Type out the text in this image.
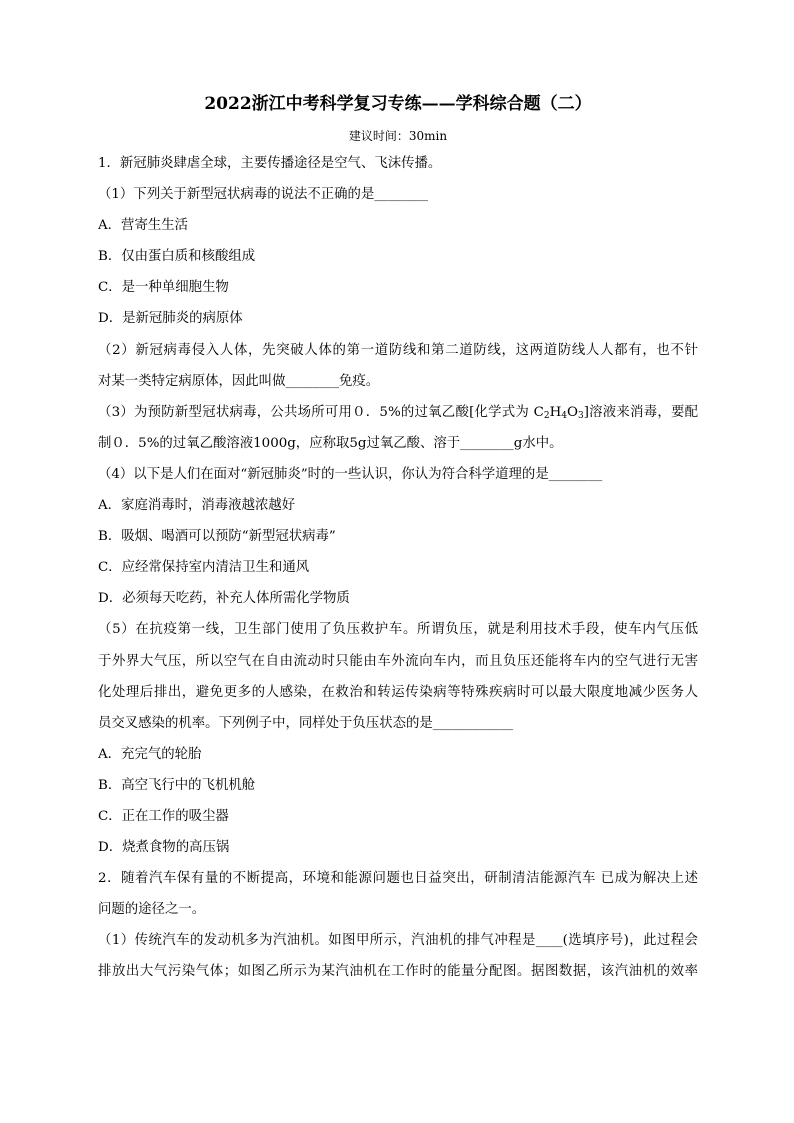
2022浙江中考科学复习专练——学科综合题（二）
建议时间：30min
1．新冠肺炎肆虐全球，主要传播途径是空气、飞沫传播。
（1）下列关于新型冠状病毒的说法不正确的是________
A．营寄生生活
B．仅由蛋白质和核酸组成
C．是一种单细胞生物
D．是新冠肺炎的病原体
（2）新冠病毒侵入人体，先突破人体的第一道防线和第二道防线，这两道防线人人都有，也不针
对某一类特定病原体，因此叫做________免疫。
（3）为预防新型冠状病毒，公共场所可用０．5%的过氧乙酸[化学式为 $C_2H_4O_3$]溶液来消毒，要配
制０．5%的过氧乙酸溶液1000g，应称取5g过氧乙酸、溶于________g水中。
（4）以下是人们在面对“新冠肺炎”时的一些认识，你认为符合科学道理的是________
A．家庭消毒时，消毒液越浓越好
B．吸烟、喝酒可以预防“新型冠状病毒”
C．应经常保持室内清洁卫生和通风
D．必须每天吃药，补充人体所需化学物质
（5）在抗疫第一线，卫生部门使用了负压救护车。所谓负压，就是利用技术手段，使车内气压低
于外界大气压，所以空气在自由流动时只能由车外流向车内，而且负压还能将车内的空气进行无害
化处理后排出，避免更多的人感染，在救治和转运传染病等特殊疾病时可以最大限度地减少医务人
员交叉感染的机率。下列例子中，同样处于负压状态的是____________
A．充完气的轮胎
B．高空飞行中的飞机机舱
C．正在工作的吸尘器
D．烧煮食物的高压锅
2．随着汽车保有量的不断提高，环境和能源问题也日益突出，研制清洁能源汽车 已成为解决上述
问题的途径之一。
（1）传统汽车的发动机多为汽油机。如图甲所示，汽油机的排气冲程是____(选填序号)，此过程会
排放出大气污染气体；如图乙所示为某汽油机在工作时的能量分配图。据图数据，该汽油机的效率
